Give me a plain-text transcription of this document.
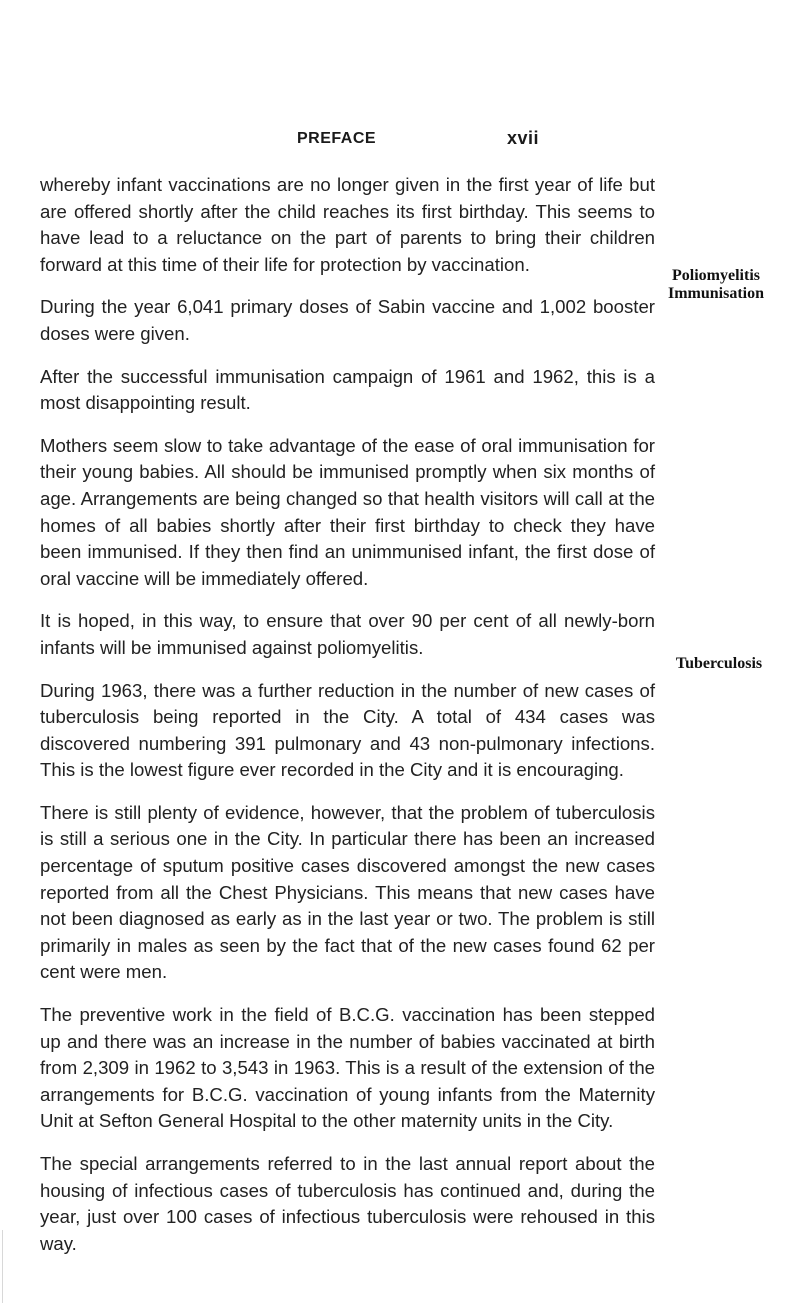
PREFACE	xvii

whereby infant vaccinations are no longer given in the first year of life but are offered shortly after the child reaches its first birthday. This seems to have lead to a reluctance on the part of parents to bring their children forward at this time of their life for protection by vaccination.

During the year 6,041 primary doses of Sabin vaccine and 1,002 booster doses were given.

After the successful immunisation campaign of 1961 and 1962, this is a most disappointing result.

Mothers seem slow to take advantage of the ease of oral immunisation for their young babies. All should be immunised promptly when six months of age. Arrangements are being changed so that health visitors will call at the homes of all babies shortly after their first birthday to check they have been immunised. If they then find an unimmunised infant, the first dose of oral vaccine will be immediately offered.

It is hoped, in this way, to ensure that over 90 per cent of all newly-born infants will be immunised against poliomyelitis.

During 1963, there was a further reduction in the number of new cases of tuberculosis being reported in the City. A total of 434 cases was discovered numbering 391 pulmonary and 43 non-pulmonary infections. This is the lowest figure ever recorded in the City and it is encouraging.

There is still plenty of evidence, however, that the problem of tuberculosis is still a serious one in the City. In particular there has been an increased percentage of sputum positive cases discovered amongst the new cases reported from all the Chest Physicians. This means that new cases have not been diagnosed as early as in the last year or two. The problem is still primarily in males as seen by the fact that of the new cases found 62 per cent were men.

The preventive work in the field of B.C.G. vaccination has been stepped up and there was an increase in the number of babies vaccinated at birth from 2,309 in 1962 to 3,543 in 1963. This is a result of the extension of the arrangements for B.C.G. vaccination of young infants from the Maternity Unit at Sefton General Hospital to the other maternity units in the City.

The special arrangements referred to in the last annual report about the housing of infectious cases of tuberculosis has continued and, during the year, just over 100 cases of infectious tuberculosis were rehoused in this way.

Poliomyelitis
Immunisation
Tuberculosis
